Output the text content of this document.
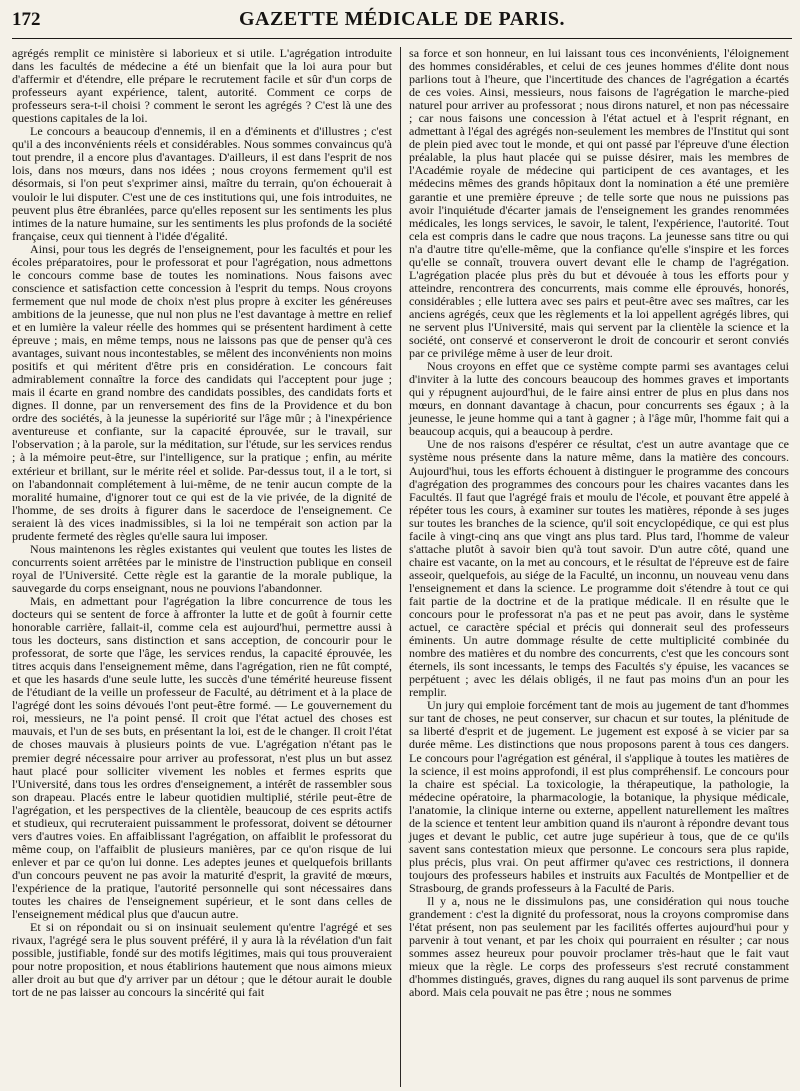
172	GAZETTE MÉDICALE DE PARIS.

agrégés remplit ce ministère si laborieux et si utile. L'agrégation introduite dans les facultés de médecine a été un bienfait que la loi aura pour but d'affermir et d'étendre, elle prépare le recrutement facile et sûr d'un corps de professeurs ayant expérience, talent, autorité. Comment ce corps de professeurs sera-t-il choisi ? comment le seront les agrégés ? C'est là une des questions capitales de la loi.

Le concours a beaucoup d'ennemis, il en a d'éminents et d'illustres ; c'est qu'il a des inconvénients réels et considérables. Nous sommes convaincus qu'à tout prendre, il a encore plus d'avantages. D'ailleurs, il est dans l'esprit de nos lois, dans nos mœurs, dans nos idées ; nous croyons fermement qu'il est désormais, si l'on peut s'exprimer ainsi, maître du terrain, qu'on échouerait à vouloir le lui disputer. C'est une de ces institutions qui, une fois introduites, ne peuvent plus être ébranlées, parce qu'elles reposent sur les sentiments les plus intimes de la nature humaine, sur les sentiments les plus profonds de la société française, ceux qui tiennent à l'idée d'égalité.

Ainsi, pour tous les degrés de l'enseignement, pour les facultés et pour les écoles préparatoires, pour le professorat et pour l'agrégation, nous admettons le concours comme base de toutes les nominations. Nous faisons avec conscience et satisfaction cette concession à l'esprit du temps. Nous croyons fermement que nul mode de choix n'est plus propre à exciter les généreuses ambitions de la jeunesse, que nul non plus ne l'est davantage à mettre en relief et en lumière la valeur réelle des hommes qui se présentent hardiment à cette épreuve ; mais, en même temps, nous ne laissons pas que de penser qu'à ces avantages, suivant nous incontestables, se mêlent des inconvénients non moins positifs et qui méritent d'être pris en considération. Le concours fait admirablement connaître la force des candidats qui l'acceptent pour juge ; mais il écarte en grand nombre des candidats possibles, des candidats forts et dignes. Il donne, par un renversement des fins de la Providence et du bon ordre des sociétés, à la jeunesse la supériorité sur l'âge mûr ; à l'inexpérience aventureuse et confiante, sur la capacité éprouvée, sur le travail, sur l'observation ; à la parole, sur la méditation, sur l'étude, sur les services rendus ; à la mémoire peut-être, sur l'intelligence, sur la pratique ; enfin, au mérite extérieur et brillant, sur le mérite réel et solide. Par-dessus tout, il a le tort, si on l'abandonnait complétement à lui-même, de ne tenir aucun compte de la moralité humaine, d'ignorer tout ce qui est de la vie privée, de la dignité de l'homme, de ses droits à figurer dans le sacerdoce de l'enseignement. Ce seraient là des vices inadmissibles, si la loi ne tempérait son action par la prudente fermeté des règles qu'elle saura lui imposer.

Nous maintenons les règles existantes qui veulent que toutes les listes de concurrents soient arrêtées par le ministre de l'instruction publique en conseil royal de l'Université. Cette règle est la garantie de la morale publique, la sauvegarde du corps enseignant, nous ne pouvions l'abandonner.

Mais, en admettant pour l'agrégation la libre concurrence de tous les docteurs qui se sentent de force à affronter la lutte et de goût à fournir cette honorable carrière, fallait-il, comme cela est aujourd'hui, permettre aussi à tous les docteurs, sans distinction et sans acception, de concourir pour le professorat, de sorte que l'âge, les services rendus, la capacité éprouvée, les titres acquis dans l'enseignement même, dans l'agrégation, rien ne fût compté, et que les hasards d'une seule lutte, les succès d'une témérité heureuse fissent de l'étudiant de la veille un professeur de Faculté, au détriment et à la place de l'agrégé dont les soins dévoués l'ont peut-être formé. — Le gouvernement du roi, messieurs, ne l'a point pensé. Il croit que l'état actuel des choses est mauvais, et l'un de ses buts, en présentant la loi, est de le changer. Il croit l'état de choses mauvais à plusieurs points de vue. L'agrégation n'étant pas le premier degré nécessaire pour arriver au professorat, n'est plus un but assez haut placé pour solliciter vivement les nobles et fermes esprits que l'Université, dans tous les ordres d'enseignement, a intérêt de rassembler sous son drapeau. Placés entre le labeur quotidien multiplié, stérile peut-être de l'agrégation, et les perspectives de la clientèle, beaucoup de ces esprits actifs et studieux, qui recruteraient puissamment le professorat, doivent se détourner vers d'autres voies. En affaiblissant l'agrégation, on affaiblit le professorat du même coup, on l'affaiblit de plusieurs manières, par ce qu'on risque de lui enlever et par ce qu'on lui donne. Les adeptes jeunes et quelquefois brillants d'un concours peuvent ne pas avoir la maturité d'esprit, la gravité de mœurs, l'expérience de la pratique, l'autorité personnelle qui sont nécessaires dans toutes les chaires de l'enseignement supérieur, et le sont dans celles de l'enseignement médical plus que d'aucun autre.

Et si on répondait ou si on insinuait seulement qu'entre l'agrégé et ses rivaux, l'agrégé sera le plus souvent préféré, il y aura là la révélation d'un fait possible, justifiable, fondé sur des motifs légitimes, mais qui tous prouveraient pour notre proposition, et nous établirions hautement que nous aimons mieux aller droit au but que d'y arriver par un détour ; que le détour aurait le double tort de ne pas laisser au concours la sincérité qui fait

sa force et son honneur, en lui laissant tous ces inconvénients, l'éloignement des hommes considérables, et celui de ces jeunes hommes d'élite dont nous parlions tout à l'heure, que l'incertitude des chances de l'agrégation a écartés de ces voies. Ainsi, messieurs, nous faisons de l'agrégation le marche-pied naturel pour arriver au professorat ; nous dirons naturel, et non pas nécessaire ; car nous faisons une concession à l'état actuel et à l'esprit régnant, en admettant à l'égal des agrégés non-seulement les membres de l'Institut qui sont de plein pied avec tout le monde, et qui ont passé par l'épreuve d'une élection préalable, la plus haut placée qui se puisse désirer, mais les membres de l'Académie royale de médecine qui participent de ces avantages, et les médecins mêmes des grands hôpitaux dont la nomination a été une première garantie et une première épreuve ; de telle sorte que nous ne puissions pas avoir l'inquiétude d'écarter jamais de l'enseignement les grandes renommées médicales, les longs services, le savoir, le talent, l'expérience, l'autorité. Tout cela est compris dans le cadre que nous traçons. La jeunesse sans titre ou qui n'a d'autre titre qu'elle-même, que la confiance qu'elle s'inspire et les forces qu'elle se connaît, trouvera ouvert devant elle le champ de l'agrégation. L'agrégation placée plus près du but et dévouée à tous les efforts pour y atteindre, rencontrera des concurrents, mais comme elle éprouvés, honorés, considérables ; elle luttera avec ses pairs et peut-être avec ses maîtres, car les anciens agrégés, ceux que les règlements et la loi appellent agrégés libres, qui ne servent plus l'Université, mais qui servent par la clientèle la science et la société, ont conservé et conserveront le droit de concourir et seront conviés par ce privilége même à user de leur droit.

Nous croyons en effet que ce système compte parmi ses avantages celui d'inviter à la lutte des concours beaucoup des hommes graves et importants qui y répugnent aujourd'hui, de le faire ainsi entrer de plus en plus dans nos mœurs, en donnant davantage à chacun, pour concurrents ses égaux ; à la jeunesse, le jeune homme qui a tant à gagner ; à l'âge mûr, l'homme fait qui a beaucoup acquis, qui a beaucoup à perdre.

Une de nos raisons d'espérer ce résultat, c'est un autre avantage que ce système nous présente dans la nature même, dans la matière des concours. Aujourd'hui, tous les efforts échouent à distinguer le programme des concours d'agrégation des programmes des concours pour les chaires vacantes dans les Facultés. Il faut que l'agrégé frais et moulu de l'école, et pouvant être appelé à répéter tous les cours, à examiner sur toutes les matières, réponde à ses juges sur toutes les branches de la science, qu'il soit encyclopédique, ce qui est plus facile à vingt-cinq ans que vingt ans plus tard. Plus tard, l'homme de valeur s'attache plutôt à savoir bien qu'à tout savoir. D'un autre côté, quand une chaire est vacante, on la met au concours, et le résultat de l'épreuve est de faire asseoir, quelquefois, au siége de la Faculté, un inconnu, un nouveau venu dans l'enseignement et dans la science. Le programme doit s'étendre à tout ce qui fait partie de la doctrine et de la pratique médicale. Il en résulte que le concours pour le professorat n'a pas et ne peut pas avoir, dans le système actuel, ce caractère spécial et précis qui donnerait seul des professeurs éminents. Un autre dommage résulte de cette multiplicité combinée du nombre des matières et du nombre des concurrents, c'est que les concours sont éternels, ils sont incessants, le temps des Facultés s'y épuise, les vacances se perpétuent ; avec les délais obligés, il ne faut pas moins d'un an pour les remplir.

Un jury qui emploie forcément tant de mois au jugement de tant d'hommes sur tant de choses, ne peut conserver, sur chacun et sur toutes, la plénitude de sa liberté d'esprit et de jugement. Le jugement est exposé à se vicier par sa durée même. Les distinctions que nous proposons parent à tous ces dangers. Le concours pour l'agrégation est général, il s'applique à toutes les matières de la science, il est moins approfondi, il est plus compréhensif. Le concours pour la chaire est spécial. La toxicologie, la thérapeutique, la pathologie, la médecine opératoire, la pharmacologie, la botanique, la physique médicale, l'anatomie, la clinique interne ou externe, appellent naturellement les maîtres de la science et tentent leur ambition quand ils n'auront à répondre devant tous juges et devant le public, cet autre juge supérieur à tous, que de ce qu'ils savent sans contestation mieux que personne. Le concours sera plus rapide, plus précis, plus vrai. On peut affirmer qu'avec ces restrictions, il donnera toujours des professeurs habiles et instruits aux Facultés de Montpellier et de Strasbourg, de grands professeurs à la Faculté de Paris.

Il y a, nous ne le dissimulons pas, une considération qui nous touche grandement : c'est la dignité du professorat, nous la croyons compromise dans l'état présent, non pas seulement par les facilités offertes aujourd'hui pour y parvenir à tout venant, et par les choix qui pourraient en résulter ; car nous sommes assez heureux pour pouvoir proclamer très-haut que le fait vaut mieux que la règle. Le corps des professeurs s'est recruté constamment d'hommes distingués, graves, dignes du rang auquel ils sont parvenus de prime abord. Mais cela pouvait ne pas être ; nous ne sommes
